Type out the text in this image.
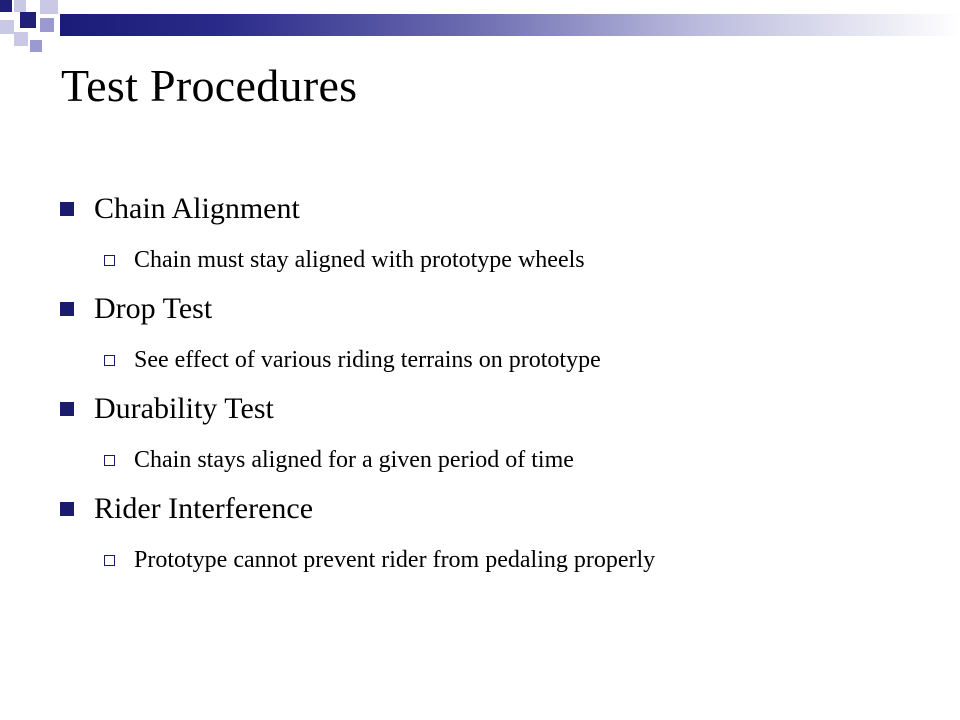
Test Procedures
Chain Alignment
Chain must stay aligned with prototype wheels
Drop Test
See effect of various riding terrains on prototype
Durability Test
Chain stays aligned for a given period of time
Rider Interference
Prototype cannot prevent rider from pedaling properly
